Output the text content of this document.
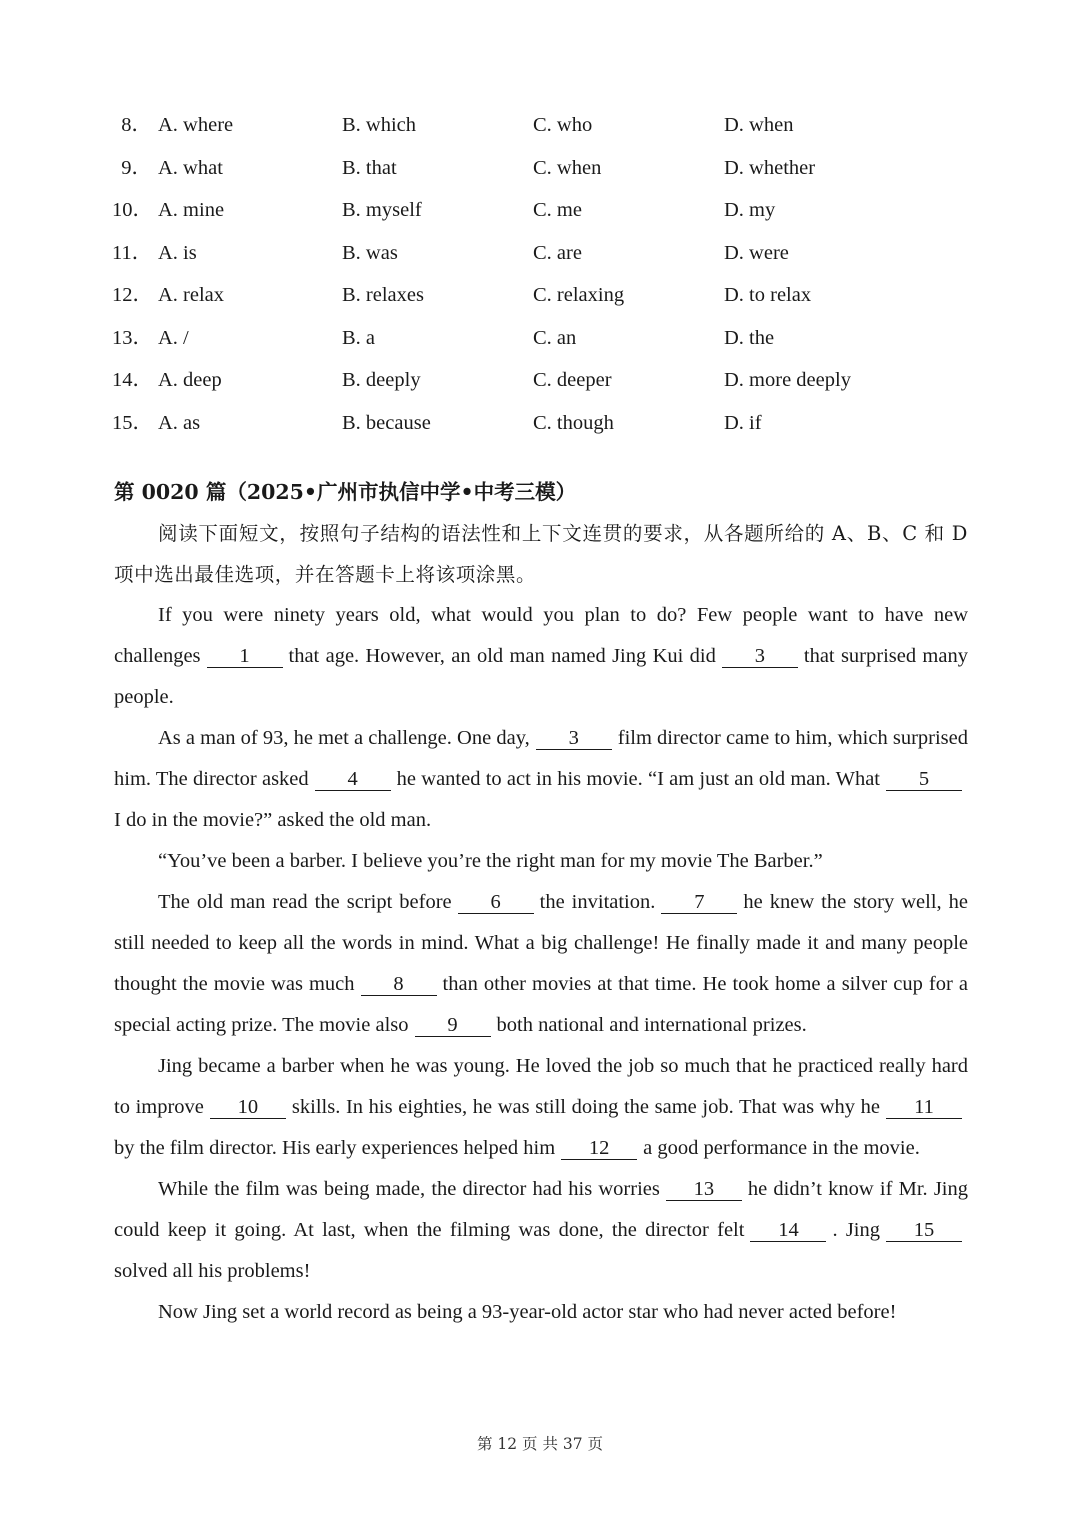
8． A. where	B. which	C. who	D. when
9． A. what	B. that	C. when	D. whether
10． A. mine	B. myself	C. me	D. my
11． A. is	B. was	C. are	D. were
12． A. relax	B. relaxes	C. relaxing	D. to relax
13． A. /	B. a	C. an	D. the
14． A. deep	B. deeply	C. deeper	D. more deeply
15． A. as	B. because	C. though	D. if
第 0020 篇（2025•广州市执信中学•中考三模）

阅读下面短文，按照句子结构的语法性和上下文连贯的要求，从各题所给的 A、B、C 和 D 项中选出最佳选项，并在答题卡上将该项涂黑。

If you were ninety years old, what would you plan to do? Few people want to have new challenges 1 that age. However, an old man named Jing Kui did 3 that surprised many people.

As a man of 93, he met a challenge. One day, 3 film director came to him, which surprised him. The director asked 4 he wanted to act in his movie. “I am just an old man. What 5I do in the movie?” asked the old man.

“You’ve been a barber. I believe you’re the right man for my movie The Barber.”

The old man read the script before 6 the invitation. 7 he knew the story well, he still needed to keep all the words in mind. What a big challenge! He finally made it and many people thought the movie was much 8 than other movies at that time. He took home a silver cup for a special acting prize. The movie also 9 both national and international prizes.

Jing became a barber when he was young. He loved the job so much that he practiced really hard to improve 10 skills. In his eighties, he was still doing the same job. That was why he 11by the film director. His early experiences helped him 12 a good performance in the movie.

While the film was being made, the director had his worries 13 he didn’t know if Mr. Jing could keep it going. At last, when the filming was done, the director felt 14 . Jing 15solved all his problems!

Now Jing set a world record as being a 93-year-old actor star who had never acted before!

第 12 页 共 37 页
